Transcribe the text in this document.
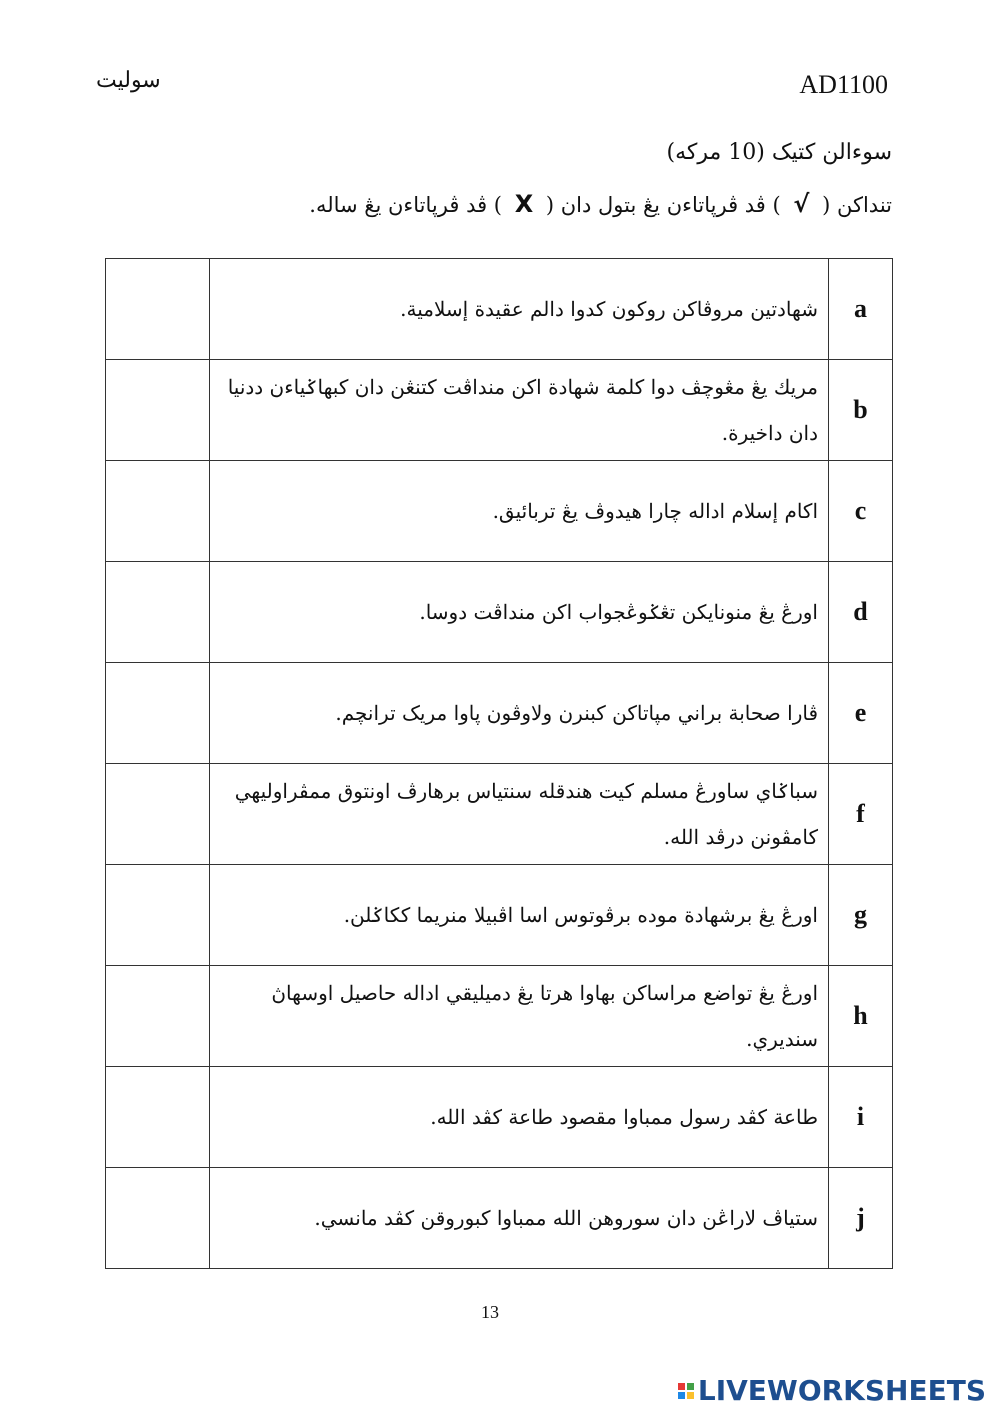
AD1100
سوليت
سوءالن كتيک (10 مركه)
تنداكن ( √ ) ڤد ڤرپاتاءن يڠ بتول دان ( X ) ڤد ڤرپاتاءن يڠ ساله.
	شهادتين مروڤاكن روكون كدوا دالم عقيدة إسلامية.	a
	مريك يڠ مڠوچڤ دوا كلمة شهادة اكن منداڤت كتنڠن دان كبهاݢياءن ددنيا دان داخيرة.	b
	اكام إسلام اداله چارا هيدوڤ يڠ تربائيق.	c
	اورڠ يڠ منونايكن تڠݢوڠجواب اكن منداڤت دوسا.	d
	ڤارا صحابة براني مپاتاكن كبنرن ولاوڤون پاوا مريک ترانچم.	e
	سباݢاي ساورڠ مسلم كيت هندقله سنتياس برهارڤ اونتوق ممڤراوليهي كامڤونن درڤد الله.	f
	اورڠ يڠ برشهادة موده برڤوتوس اسا اڤبيلا منريما ككاݢلن.	g
	اورڠ يڠ تواضع مراساكن بهاوا هرتا يڠ دميليقي اداله حاصيل اوسهاڽ سنديري.	h
	طاعة كڤد رسول ممباوا مقصود طاعة كڤد الله.	i
	ستياڤ لاراڠن دان سوروهن الله ممباوا كبوروقن كڤد مانسي.	j
13
LIVEWORKSHEETS
